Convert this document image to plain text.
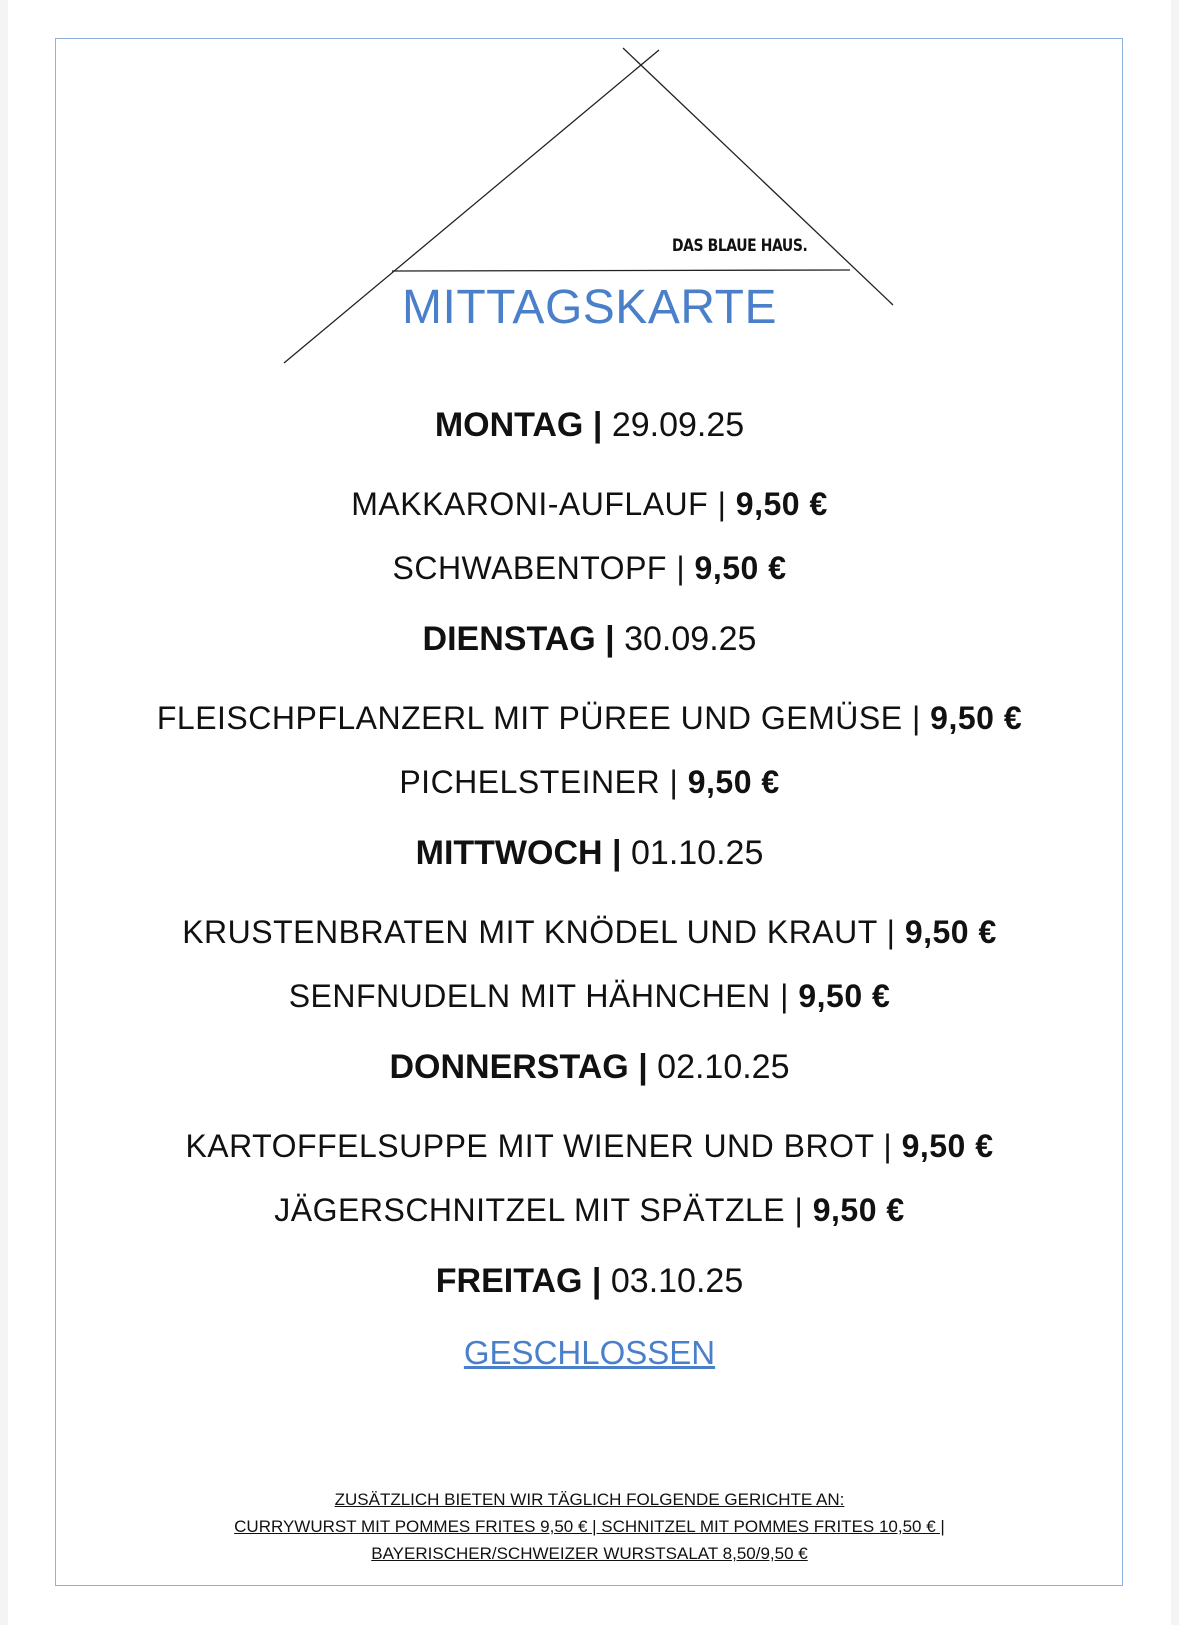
DAS BLAUE HAUS.
MITTAGSKARTE
MONTAG | 29.09.25
MAKKARONI-AUFLAUF | 9,50 €
SCHWABENTOPF | 9,50 €
DIENSTAG | 30.09.25
FLEISCHPFLANZERL MIT PÜREE UND GEMÜSE | 9,50 €
PICHELSTEINER | 9,50 €
MITTWOCH | 01.10.25
KRUSTENBRATEN MIT KNÖDEL UND KRAUT | 9,50 €
SENFNUDELN MIT HÄHNCHEN | 9,50 €
DONNERSTAG | 02.10.25
KARTOFFELSUPPE MIT WIENER UND BROT | 9,50 €
JÄGERSCHNITZEL MIT SPÄTZLE | 9,50 €
FREITAG | 03.10.25
GESCHLOSSEN
ZUSÄTZLICH BIETEN WIR TÄGLICH FOLGENDE GERICHTE AN:
CURRYWURST MIT POMMES FRITES 9,50 € | SCHNITZEL MIT POMMES FRITES 10,50 € |
BAYERISCHER/SCHWEIZER WURSTSALAT 8,50/9,50 €
